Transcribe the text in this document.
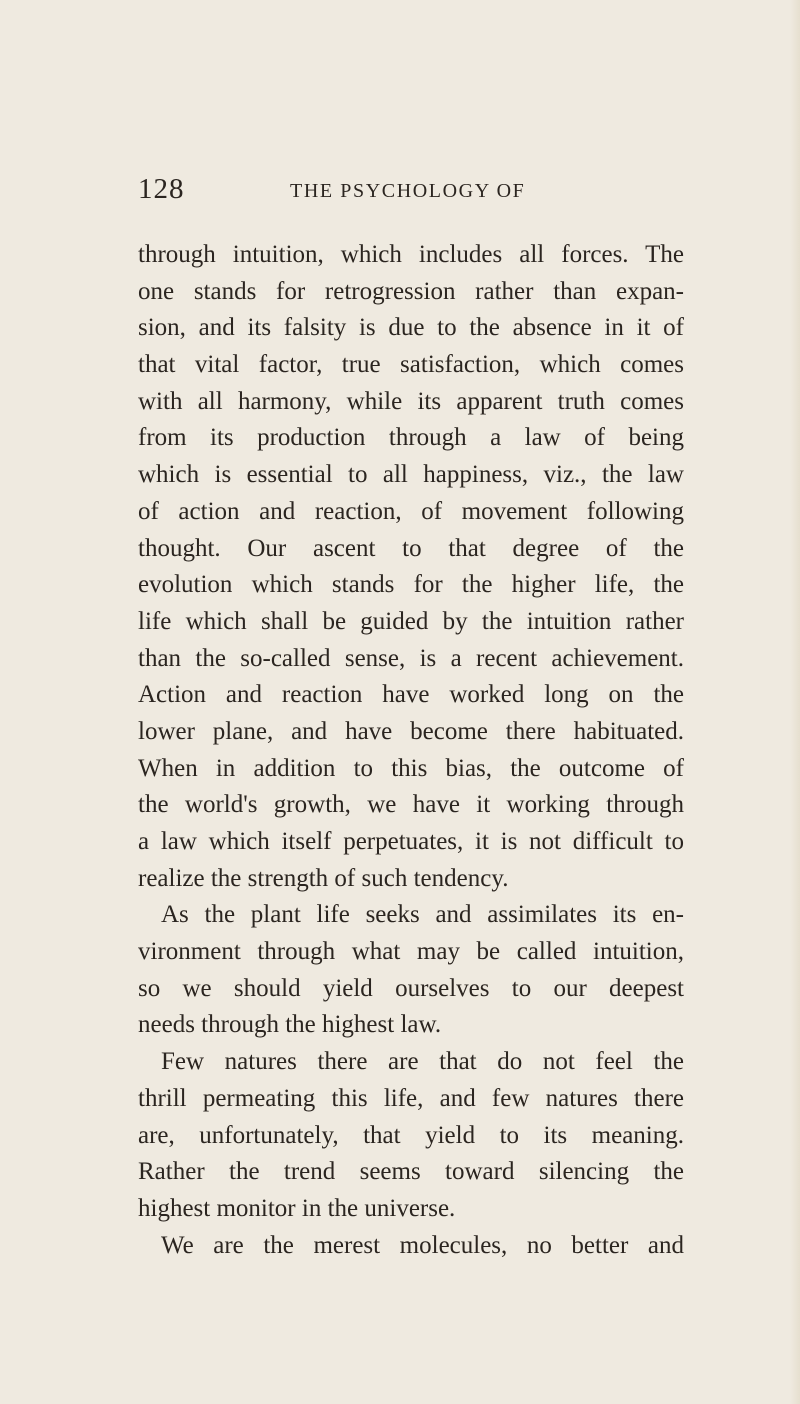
128	THE PSYCHOLOGY OF
through intuition, which includes all forces. The
one stands for retrogression rather than expan-
sion, and its falsity is due to the absence in it of
that vital factor, true satisfaction, which comes
with all harmony, while its apparent truth comes
from its production through a law of being
which is essential to all happiness, viz., the law
of action and reaction, of movement following
thought. Our ascent to that degree of the
evolution which stands for the higher life, the
life which shall be guided by the intuition rather
than the so-called sense, is a recent achievement.
Action and reaction have worked long on the
lower plane, and have become there habituated.
When in addition to this bias, the outcome of
the world's growth, we have it working through
a law which itself perpetuates, it is not difficult to
realize the strength of such tendency.
As the plant life seeks and assimilates its en-
vironment through what may be called intuition,
so we should yield ourselves to our deepest
needs through the highest law.
Few natures there are that do not feel the
thrill permeating this life, and few natures there
are, unfortunately, that yield to its meaning.
Rather the trend seems toward silencing the
highest monitor in the universe.
We are the merest molecules, no better and
